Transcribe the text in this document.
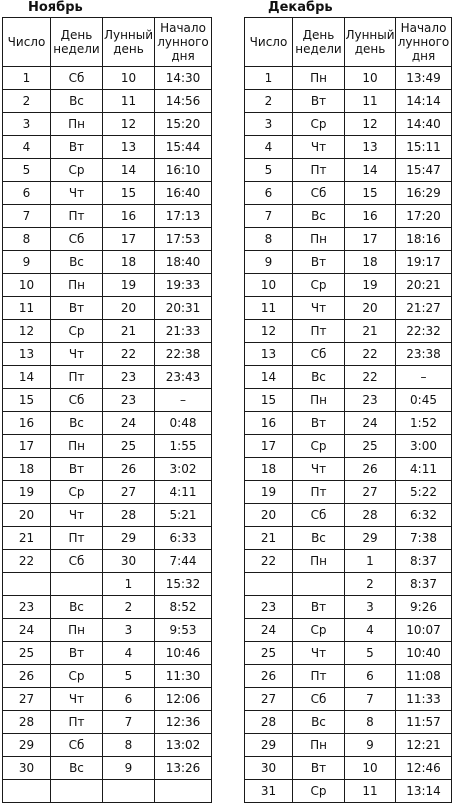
Ноябрь	Декабрь
Число	День недели	Лунный день	Начало лунного дня
1	Сб	10	14:30
2	Вс	11	14:56
3	Пн	12	15:20
4	Вт	13	15:44
5	Ср	14	16:10
6	Чт	15	16:40
7	Пт	16	17:13
8	Сб	17	17:53
9	Вс	18	18:40
10	Пн	19	19:33
11	Вт	20	20:31
12	Ср	21	21:33
13	Чт	22	22:38
14	Пт	23	23:43
15	Сб	23	–
16	Вс	24	0:48
17	Пн	25	1:55
18	Вт	26	3:02
19	Ср	27	4:11
20	Чт	28	5:21
21	Пт	29	6:33
22	Сб	30	7:44
		1	15:32
23	Вс	2	8:52
24	Пн	3	9:53
25	Вт	4	10:46
26	Ср	5	11:30
27	Чт	6	12:06
28	Пт	7	12:36
29	Сб	8	13:02
30	Вс	9	13:26

Число	День недели	Лунный день	Начало лунного дня
1	Пн	10	13:49
2	Вт	11	14:14
3	Ср	12	14:40
4	Чт	13	15:11
5	Пт	14	15:47
6	Сб	15	16:29
7	Вс	16	17:20
8	Пн	17	18:16
9	Вт	18	19:17
10	Ср	19	20:21
11	Чт	20	21:27
12	Пт	21	22:32
13	Сб	22	23:38
14	Вс	22	–
15	Пн	23	0:45
16	Вт	24	1:52
17	Ср	25	3:00
18	Чт	26	4:11
19	Пт	27	5:22
20	Сб	28	6:32
21	Вс	29	7:38
22	Пн	1	8:37
		2	8:37
23	Вт	3	9:26
24	Ср	4	10:07
25	Чт	5	10:40
26	Пт	6	11:08
27	Сб	7	11:33
28	Вс	8	11:57
29	Пн	9	12:21
30	Вт	10	12:46
31	Ср	11	13:14
